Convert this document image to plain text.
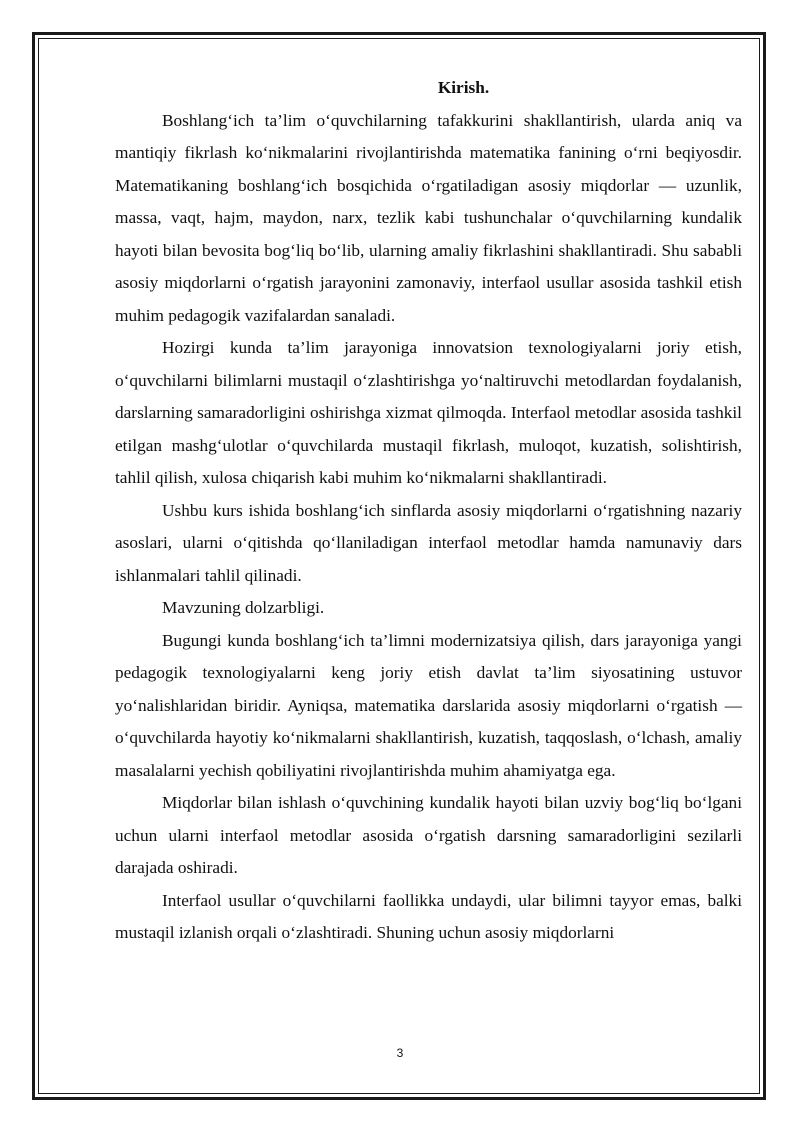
Kirish.

Boshlang‘ich ta’lim o‘quvchilarning tafakkurini shakllantirish, ularda aniq va mantiqiy fikrlash ko‘nikmalarini rivojlantirishda matematika fanining o‘rni beqiyosdir. Matematikaning boshlang‘ich bosqichida o‘rgatiladigan asosiy miqdorlar — uzunlik, massa, vaqt, hajm, maydon, narx, tezlik kabi tushunchalar o‘quvchilarning kundalik hayoti bilan bevosita bog‘liq bo‘lib, ularning amaliy fikrlashini shakllantiradi. Shu sababli asosiy miqdorlarni o‘rgatish jarayonini zamonaviy, interfaol usullar asosida tashkil etish muhim pedagogik vazifalardan sanaladi.

Hozirgi kunda ta’lim jarayoniga innovatsion texnologiyalarni joriy etish, o‘quvchilarni bilimlarni mustaqil o‘zlashtirishga yo‘naltiruvchi metodlardan foydalanish, darslarning samaradorligini oshirishga xizmat qilmoqda. Interfaol metodlar asosida tashkil etilgan mashg‘ulotlar o‘quvchilarda mustaqil fikrlash, muloqot, kuzatish, solishtirish, tahlil qilish, xulosa chiqarish kabi muhim ko‘nikmalarni shakllantiradi.

Ushbu kurs ishida boshlang‘ich sinflarda asosiy miqdorlarni o‘rgatishning nazariy asoslari, ularni o‘qitishda qo‘llaniladigan interfaol metodlar hamda namunaviy dars ishlanmalari tahlil qilinadi.

Mavzuning dolzarbligi.

Bugungi kunda boshlang‘ich ta’limni modernizatsiya qilish, dars jarayoniga yangi pedagogik texnologiyalarni keng joriy etish davlat ta’lim siyosatining ustuvor yo‘nalishlaridan biridir. Ayniqsa, matematika darslarida asosiy miqdorlarni o‘rgatish — o‘quvchilarda hayotiy ko‘nikmalarni shakllantirish, kuzatish, taqqoslash, o‘lchash, amaliy masalalarni yechish qobiliyatini rivojlantirishda muhim ahamiyatga ega.

Miqdorlar bilan ishlash o‘quvchining kundalik hayoti bilan uzviy bog‘liq bo‘lgani uchun ularni interfaol metodlar asosida o‘rgatish darsning samaradorligini sezilarli darajada oshiradi.

Interfaol usullar o‘quvchilarni faollikka undaydi, ular bilimni tayyor emas, balki mustaqil izlanish orqali o‘zlashtiradi. Shuning uchun asosiy miqdorlarni

3
